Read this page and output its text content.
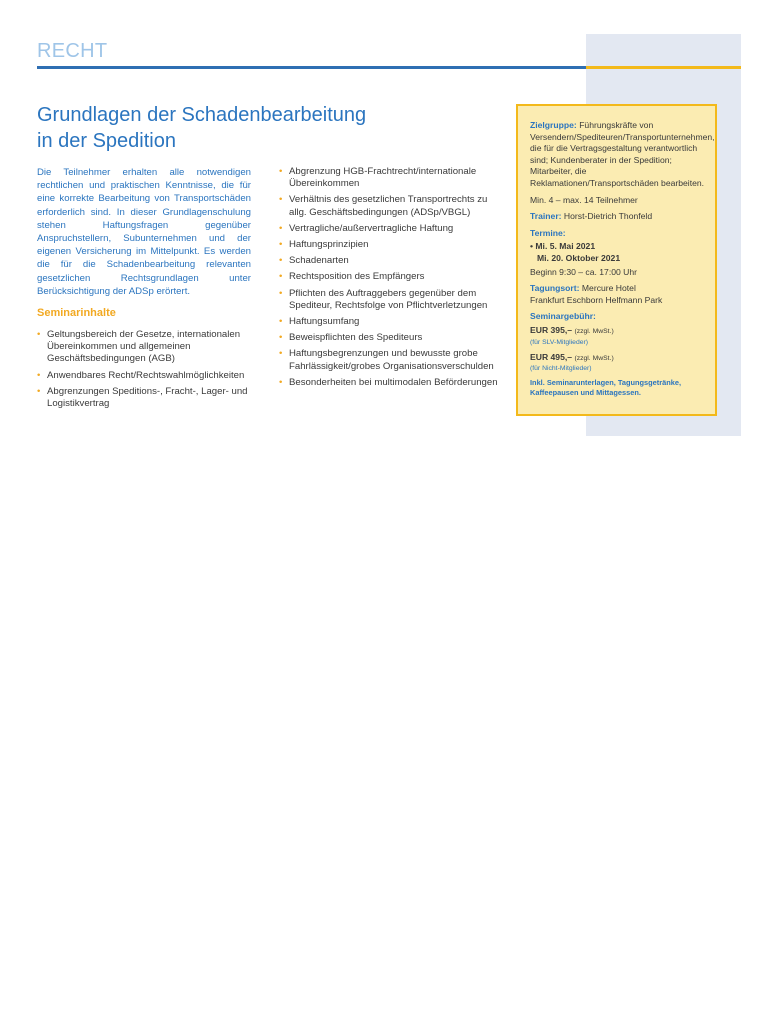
RECHT
Grundlagen der Schadenbearbeitung
in der Spedition

Die Teilnehmer erhalten alle notwendigen rechtlichen und praktischen Kenntnisse, die für eine korrekte Bearbeitung von Transportschäden erforderlich sind. In dieser Grundlagenschulung stehen Haftungsfragen gegenüber Anspruchstellern, Subunternehmen und der eigenen Versicherung im Mittelpunkt. Es werden die für die Schadenbearbeitung relevanten gesetzlichen Rechtsgrundlagen unter Berücksichtigung der ADSp erörtert.

Seminarinhalte
• Geltungsbereich der Gesetze, internationalen Übereinkommen und allgemeinen Geschäftsbedingungen (AGB)
• Anwendbares Recht/Rechtswahlmöglichkeiten
• Abgrenzungen Speditions-, Fracht-, Lager- und Logistikvertrag
• Abgrenzung HGB-Frachtrecht/internationale Übereinkommen
• Verhältnis des gesetzlichen Transportrechts zu allg. Geschäftsbedingungen (ADSp/VBGL)
• Vertragliche/außervertragliche Haftung
• Haftungsprinzipien
• Schadenarten
• Rechtsposition des Empfängers
• Pflichten des Auftraggebers gegenüber dem Spediteur, Rechtsfolge von Pflichtverletzungen
• Haftungsumfang
• Beweispflichten des Spediteurs
• Haftungsbegrenzungen und bewusste grobe Fahrlässigkeit/grobes Organisationsverschulden
• Besonderheiten bei multimodalen Beförderungen

Zielgruppe: Führungskräfte von Versendern/Spediteuren/Transportunternehmen, die für die Vertragsgestaltung verantwortlich sind; Kundenberater in der Spedition; Mitarbeiter, die Reklamationen/Transportschäden bearbeiten.

Min. 4 – max. 14 Teilnehmer

Trainer: Horst-Dietrich Thonfeld

Termine:

• Mi. 5. Mai 2021

Mi. 20. Oktober 2021

Beginn 9:30 – ca. 17:00 Uhr

Tagungsort: Mercure Hotel
Frankfurt Eschborn Helfmann Park

Seminargebühr:

EUR 395,– (zzgl. MwSt.)

(für SLV-Mitglieder)

EUR 495,– (zzgl. MwSt.)

(für Nicht-Mitglieder)

Inkl. Seminarunterlagen, Tagungsgetränke, Kaffeepausen und Mittagessen.
